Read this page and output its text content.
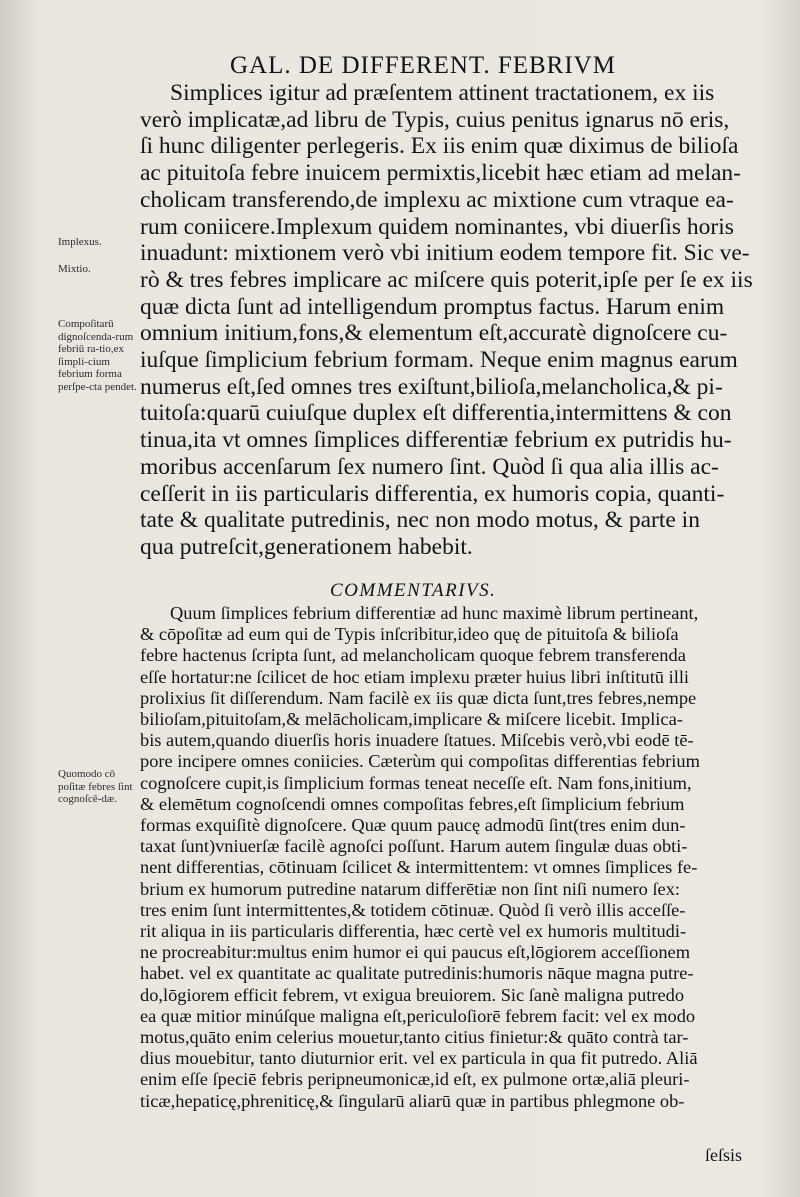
GAL. DE DIFFERENT. FEBRIVM
Implexus.
Mixtio.
Compoſitarū dignoſcenda-rum febriū ra-tio,ex ſimpli-cium febrium forma perſpe-cta pendet.
Quomodo cō poſitæ febres ſint cognoſcē-dæ.
Simplices igitur ad præſentem attinent tractationem, ex iis
verò implicatæ,ad libru de Typis, cuius penitus ignarus nō eris,
ſi hunc diligenter perlegeris. Ex iis enim quæ diximus de bilioſa
ac pituitoſa febre inuicem permixtis,licebit hæc etiam ad melan-
cholicam transferendo,de implexu ac mixtione cum vtraque ea-
rum coniicere.Implexum quidem nominantes, vbi diuerſis horis
inuadunt: mixtionem verò vbi initium eodem tempore fit. Sic ve-
rò & tres febres implicare ac miſcere quis poterit,ipſe per ſe ex iis
quæ dicta ſunt ad intelligendum promptus factus. Harum enim
omnium initium,fons,& elementum eſt,accuratè dignoſcere cu-
iuſque ſimplicium febrium formam. Neque enim magnus earum
numerus eſt,ſed omnes tres exiſtunt,bilioſa,melancholica,& pi-
tuitoſa:quarū cuiuſque duplex eſt differentia,intermittens & con
tinua,ita vt omnes ſimplices differentiæ febrium ex putridis hu-
moribus accenſarum ſex numero ſint. Quòd ſi qua alia illis ac-
ceſſerit in iis particularis differentia, ex humoris copia, quanti-
tate & qualitate putredinis, nec non modo motus, & parte in
qua putreſcit,generationem habebit.
COMMENTARIVS.
Quum ſimplices febrium differentiæ ad hunc maximè librum pertineant,
& cōpoſitæ ad eum qui de Typis inſcribitur,ideo quę de pituitoſa & bilioſa
febre hactenus ſcripta ſunt, ad melancholicam quoque febrem transferenda
eſſe hortatur:ne ſcilicet de hoc etiam implexu præter huius libri inſtitutū illi
prolixius ſit diſſerendum. Nam facilè ex iis quæ dicta ſunt,tres febres,nempe
bilioſam,pituitoſam,& melācholicam,implicare & miſcere licebit. Implica-
bis autem,quando diuerſis horis inuadere ſtatues. Miſcebis verò,vbi eodē tē-
pore incipere omnes coniicies. Cæterùm qui compoſitas differentias febrium
cognoſcere cupit,is ſimplicium formas teneat neceſſe eſt. Nam fons,initium,
& elemētum cognoſcendi omnes compoſitas febres,eſt ſimplicium febrium
formas exquiſitè dignoſcere. Quæ quum paucę admodū ſint(tres enim dun-
taxat ſunt)vniuerſæ facilè agnoſci poſſunt. Harum autem ſingulæ duas obti-
nent differentias, cōtinuam ſcilicet & intermittentem: vt omnes ſimplices fe-
brium ex humorum putredine natarum differētiæ non ſint niſi numero ſex:
tres enim ſunt intermittentes,& totidem cōtinuæ. Quòd ſi verò illis acceſſe-
rit aliqua in iis particularis differentia, hæc certè vel ex humoris multitudi-
ne procreabitur:multus enim humor ei qui paucus eſt,lōgiorem acceſſionem
habet. vel ex quantitate ac qualitate putredinis:humoris nāque magna putre-
do,lōgiorem efficit febrem, vt exigua breuiorem. Sic ſanè maligna putredo
ea quæ mitior minúſque maligna eſt,periculoſiorē febrem facit: vel ex modo
motus,quāto enim celerius mouetur,tanto citius finietur:& quāto contrà tar-
dius mouebitur, tanto diuturnior erit. vel ex particula in qua fit putredo. Aliā
enim eſſe ſpeciē febris peripneumonicæ,id eſt, ex pulmone ortæ,aliā pleuri-
ticæ,hepaticę,phreniticę,& ſingularū aliarū quæ in partibus phlegmone ob-
ſeſsis
